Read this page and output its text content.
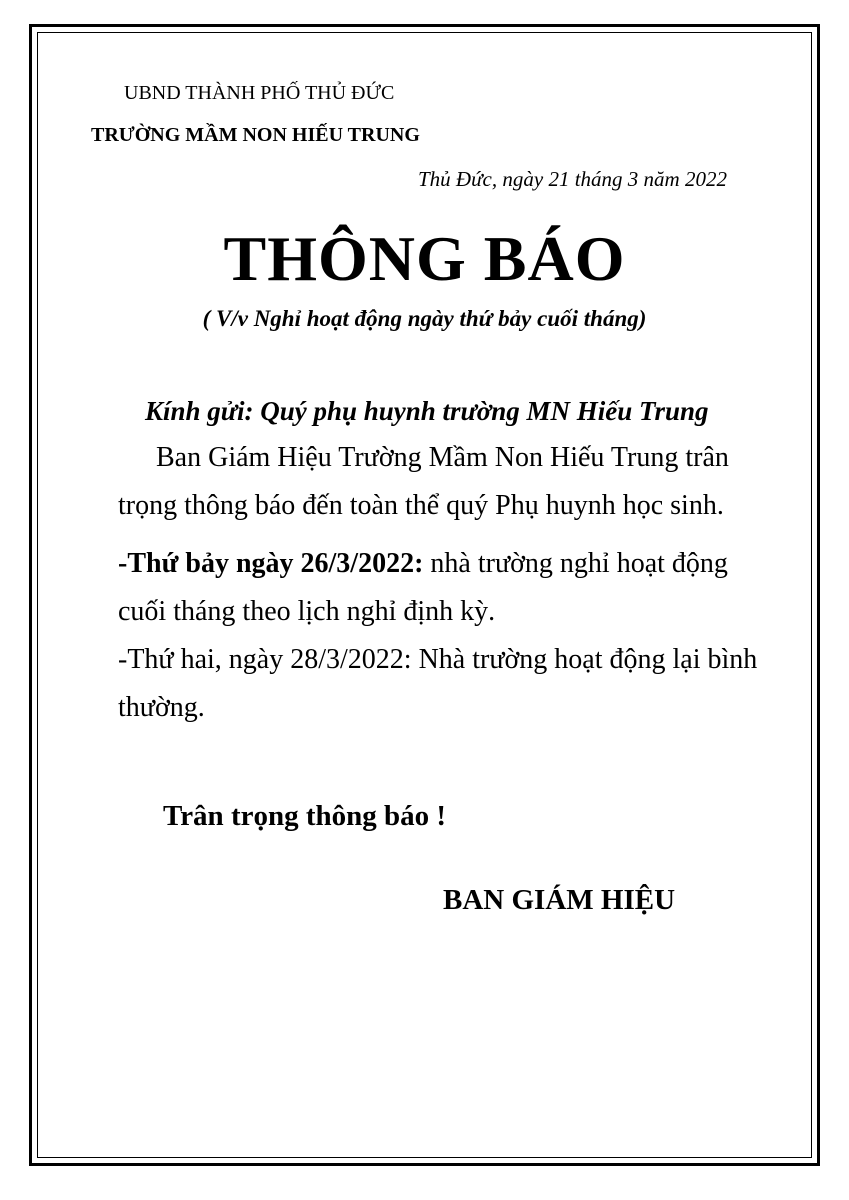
UBND THÀNH PHỐ THỦ ĐỨC
TRƯỜNG MẦM NON HIẾU TRUNG
Thủ Đức, ngày 21 tháng 3 năm 2022
THÔNG BÁO
( V/v Nghỉ hoạt động ngày thứ bảy cuối tháng)
Kính gửi: Quý phụ huynh trường MN Hiếu Trung

Ban Giám Hiệu Trường Mầm Non Hiếu Trung trân trọng thông báo đến toàn thể quý Phụ huynh học sinh.

-Thứ bảy ngày 26/3/2022: nhà trường nghỉ hoạt động cuối tháng theo lịch nghỉ định kỳ.

-Thứ hai, ngày 28/3/2022: Nhà trường hoạt động lại bình thường.

Trân trọng thông báo !
BAN GIÁM HIỆU
